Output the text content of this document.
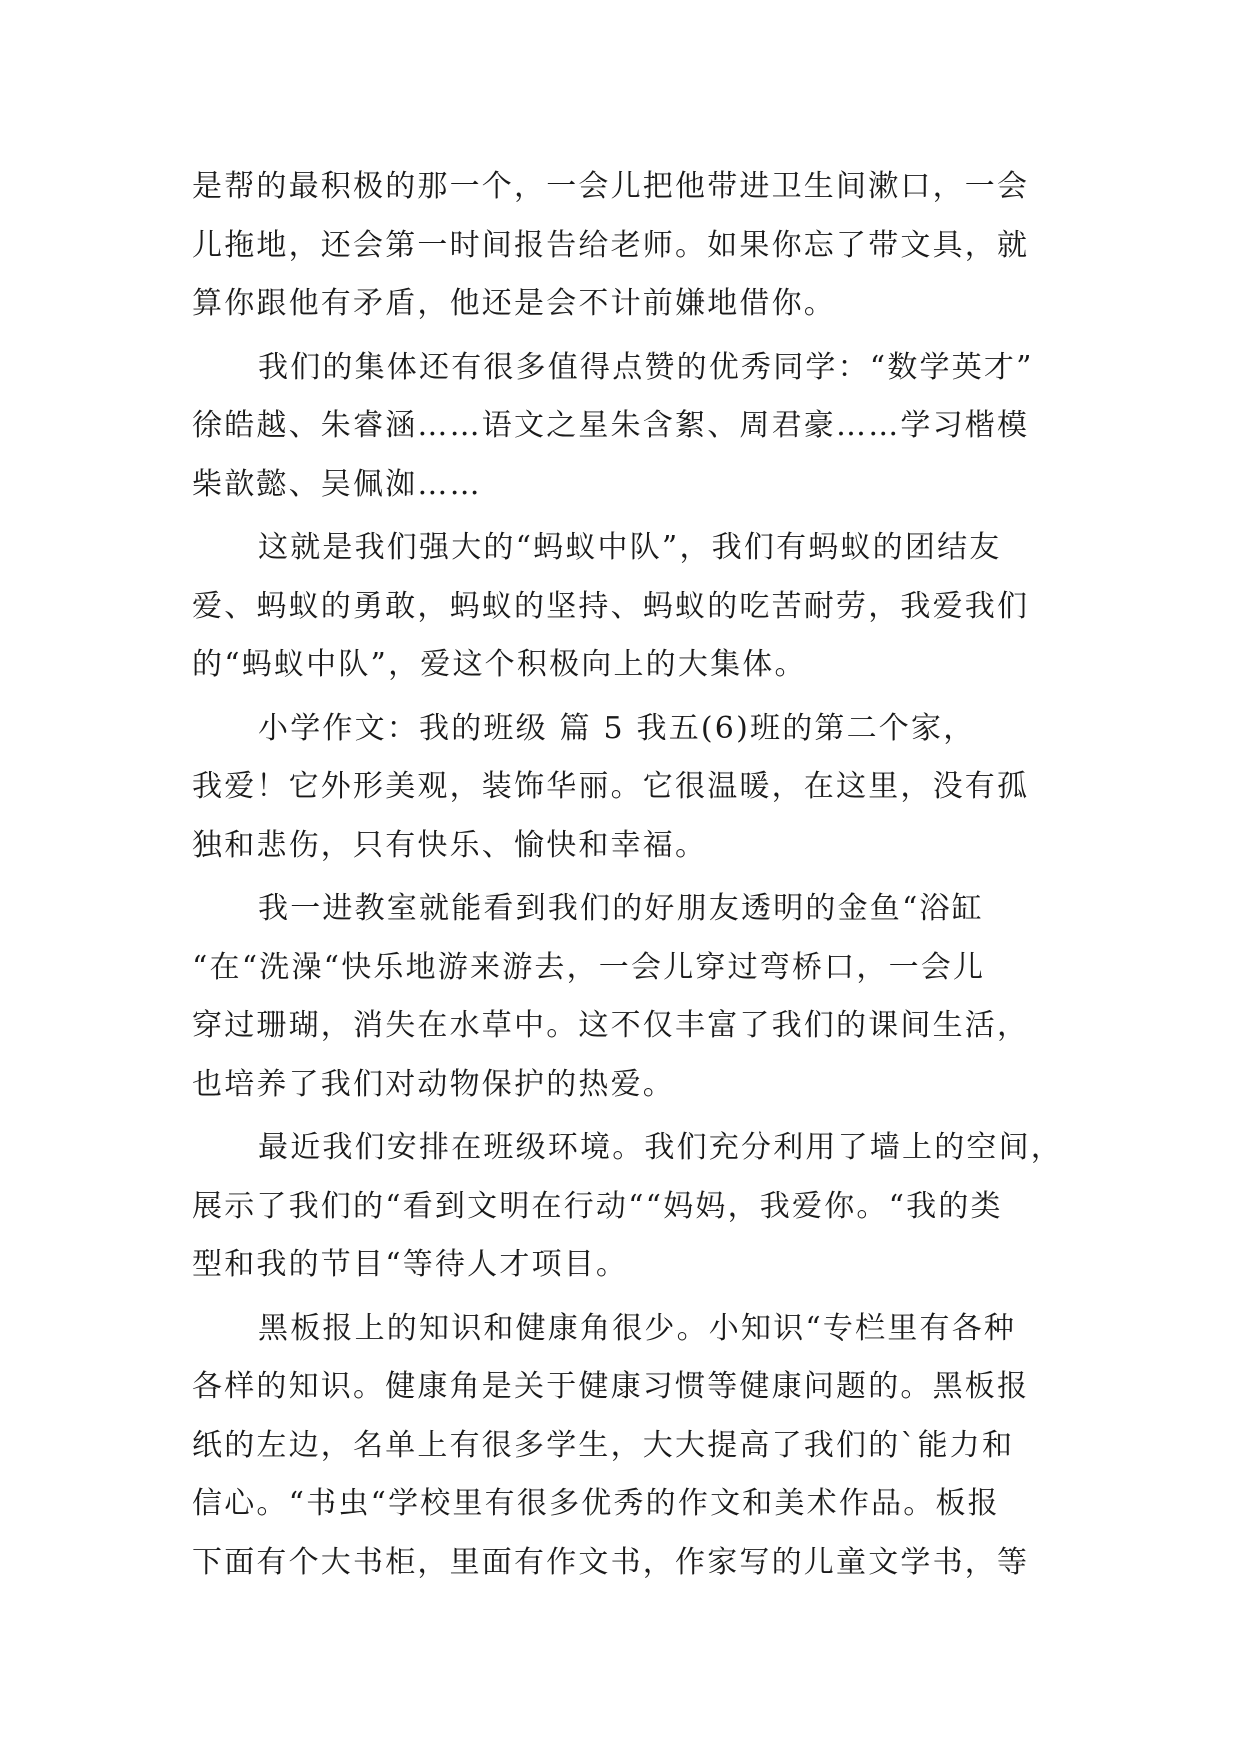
是帮的最积极的那一个，一会儿把他带进卫生间漱口，一会
儿拖地，还会第一时间报告给老师。如果你忘了带文具，就
算你跟他有矛盾，他还是会不计前嫌地借你。
我们的集体还有很多值得点赞的优秀同学：“数学英才”
徐皓越、朱睿涵……语文之星朱含絮、周君豪……学习楷模
柴歆懿、吴佩洳……
这就是我们强大的“蚂蚁中队”，我们有蚂蚁的团结友
爱、蚂蚁的勇敢，蚂蚁的坚持、蚂蚁的吃苦耐劳，我爱我们
的“蚂蚁中队”，爱这个积极向上的大集体。
小学作文：我的班级 篇 5 我五(6)班的第二个家，
我爱！它外形美观，装饰华丽。它很温暖，在这里，没有孤
独和悲伤，只有快乐、愉快和幸福。
我一进教室就能看到我们的好朋友透明的金鱼“浴缸
“在“洗澡“快乐地游来游去，一会儿穿过弯桥口，一会儿
穿过珊瑚，消失在水草中。这不仅丰富了我们的课间生活，
也培养了我们对动物保护的热爱。
最近我们安排在班级环境。我们充分利用了墙上的空间，
展示了我们的“看到文明在行动““妈妈，我爱你。“我的类
型和我的节目“等待人才项目。
黑板报上的知识和健康角很少。小知识“专栏里有各种
各样的知识。健康角是关于健康习惯等健康问题的。黑板报
纸的左边，名单上有很多学生，大大提高了我们的`能力和
信心。“书虫“学校里有很多优秀的作文和美术作品。板报
下面有个大书柜，里面有作文书，作家写的儿童文学书，等
